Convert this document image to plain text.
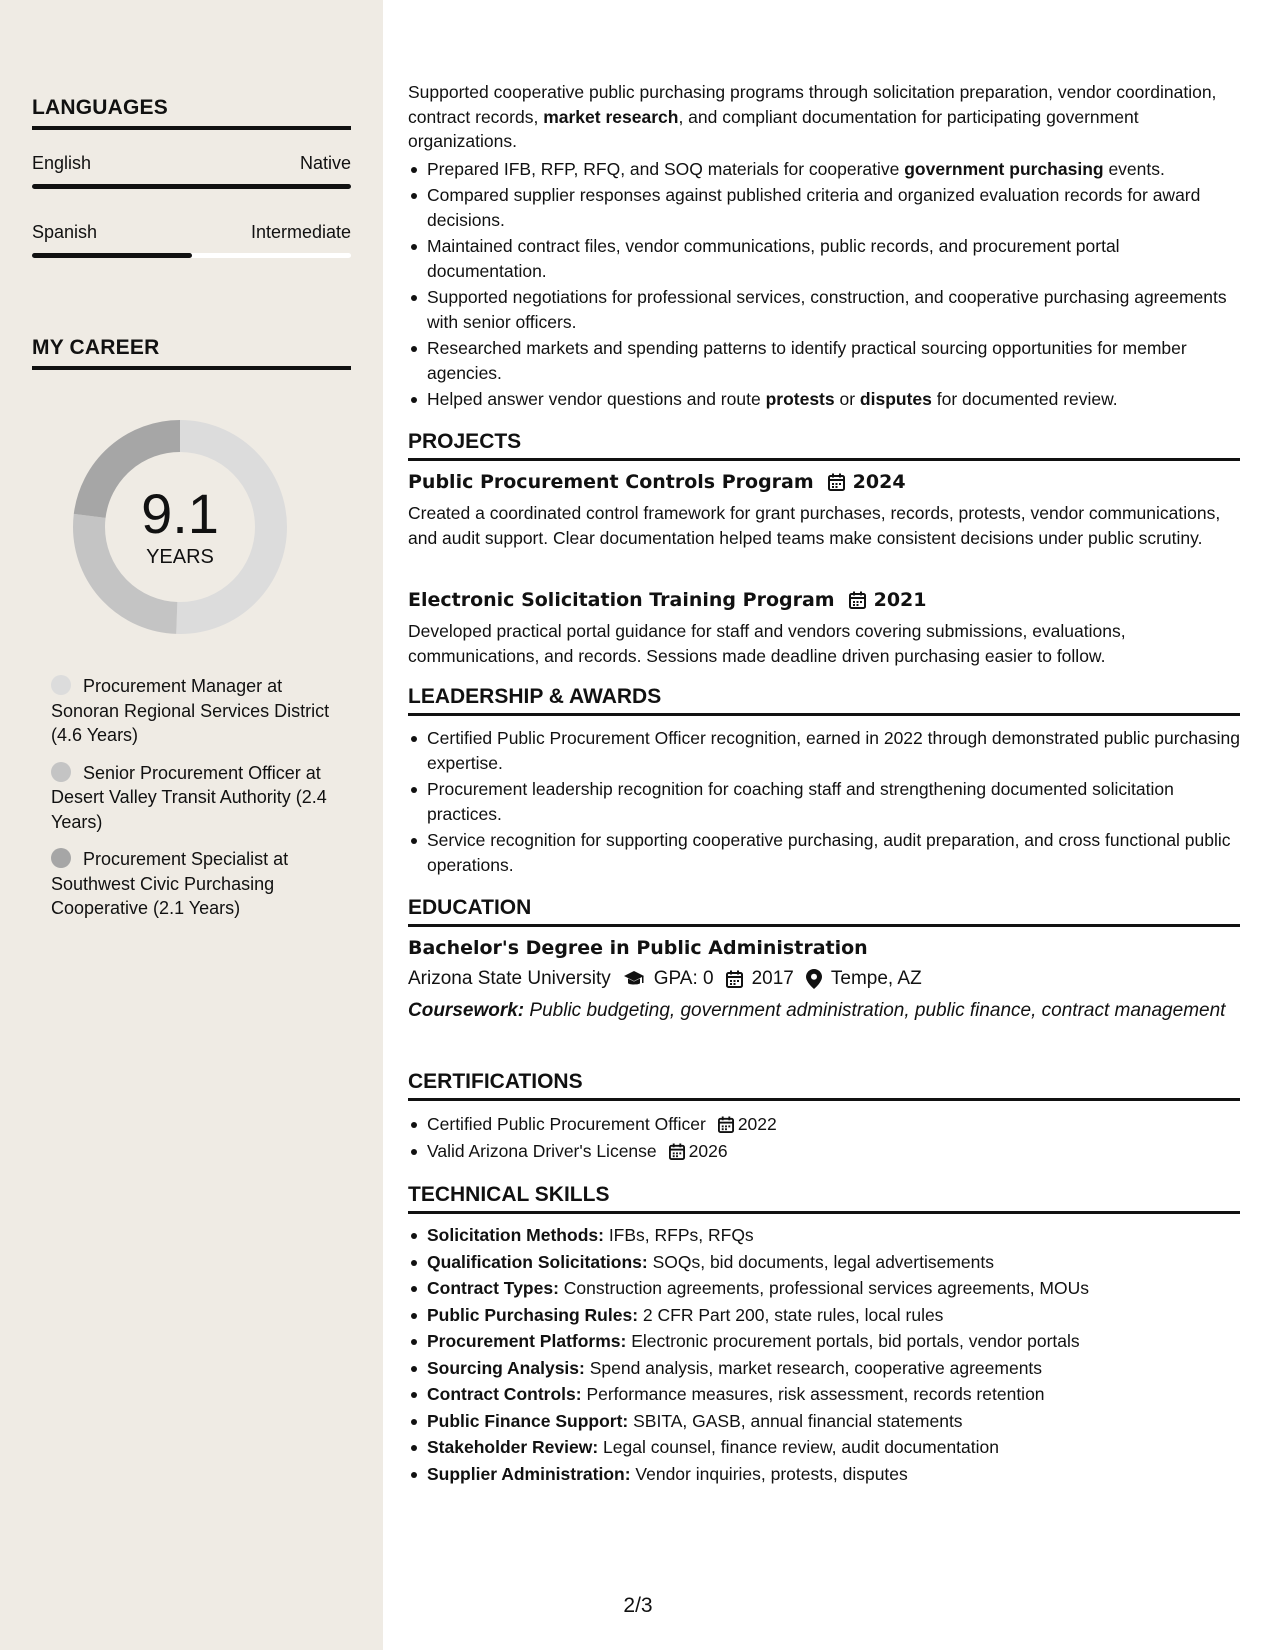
LANGUAGES
English	Native
Spanish	Intermediate
MY CAREER
9.1
YEARS
Procurement Manager at Sonoran Regional Services District (4.6 Years)
Senior Procurement Officer at Desert Valley Transit Authority (2.4 Years)
Procurement Specialist at Southwest Civic Purchasing Cooperative (2.1 Years)

Supported cooperative public purchasing programs through solicitation preparation, vendor coordination, contract records, market research, and compliant documentation for participating government organizations.

Prepared IFB, RFP, RFQ, and SOQ materials for cooperative government purchasing events.
Compared supplier responses against published criteria and organized evaluation records for award decisions.
Maintained contract files, vendor communications, public records, and procurement portal documentation.
Supported negotiations for professional services, construction, and cooperative purchasing agreements with senior officers.
Researched markets and spending patterns to identify practical sourcing opportunities for member agencies.
Helped answer vendor questions and route protests or disputes for documented review.
PROJECTS
Public Procurement Controls Program 2024
Created a coordinated control framework for grant purchases, records, protests, vendor communications, and audit support. Clear documentation helped teams make consistent decisions under public scrutiny.
Electronic Solicitation Training Program 2021
Developed practical portal guidance for staff and vendors covering submissions, evaluations, communications, and records. Sessions made deadline driven purchasing easier to follow.
LEADERSHIP & AWARDS
Certified Public Procurement Officer recognition, earned in 2022 through demonstrated public purchasing expertise.
Procurement leadership recognition for coaching staff and strengthening documented solicitation practices.
Service recognition for supporting cooperative purchasing, audit preparation, and cross functional public operations.
EDUCATION
Bachelor's Degree in Public Administration
Arizona State University GPA: 0 2017 Tempe, AZ
Coursework: Public budgeting, government administration, public finance, contract management
CERTIFICATIONS
Certified Public Procurement Officer 2022
Valid Arizona Driver's License 2026
TECHNICAL SKILLS
Solicitation Methods: IFBs, RFPs, RFQs
Qualification Solicitations: SOQs, bid documents, legal advertisements
Contract Types: Construction agreements, professional services agreements, MOUs
Public Purchasing Rules: 2 CFR Part 200, state rules, local rules
Procurement Platforms: Electronic procurement portals, bid portals, vendor portals
Sourcing Analysis: Spend analysis, market research, cooperative agreements
Contract Controls: Performance measures, risk assessment, records retention
Public Finance Support: SBITA, GASB, annual financial statements
Stakeholder Review: Legal counsel, finance review, audit documentation
Supplier Administration: Vendor inquiries, protests, disputes
2/3
